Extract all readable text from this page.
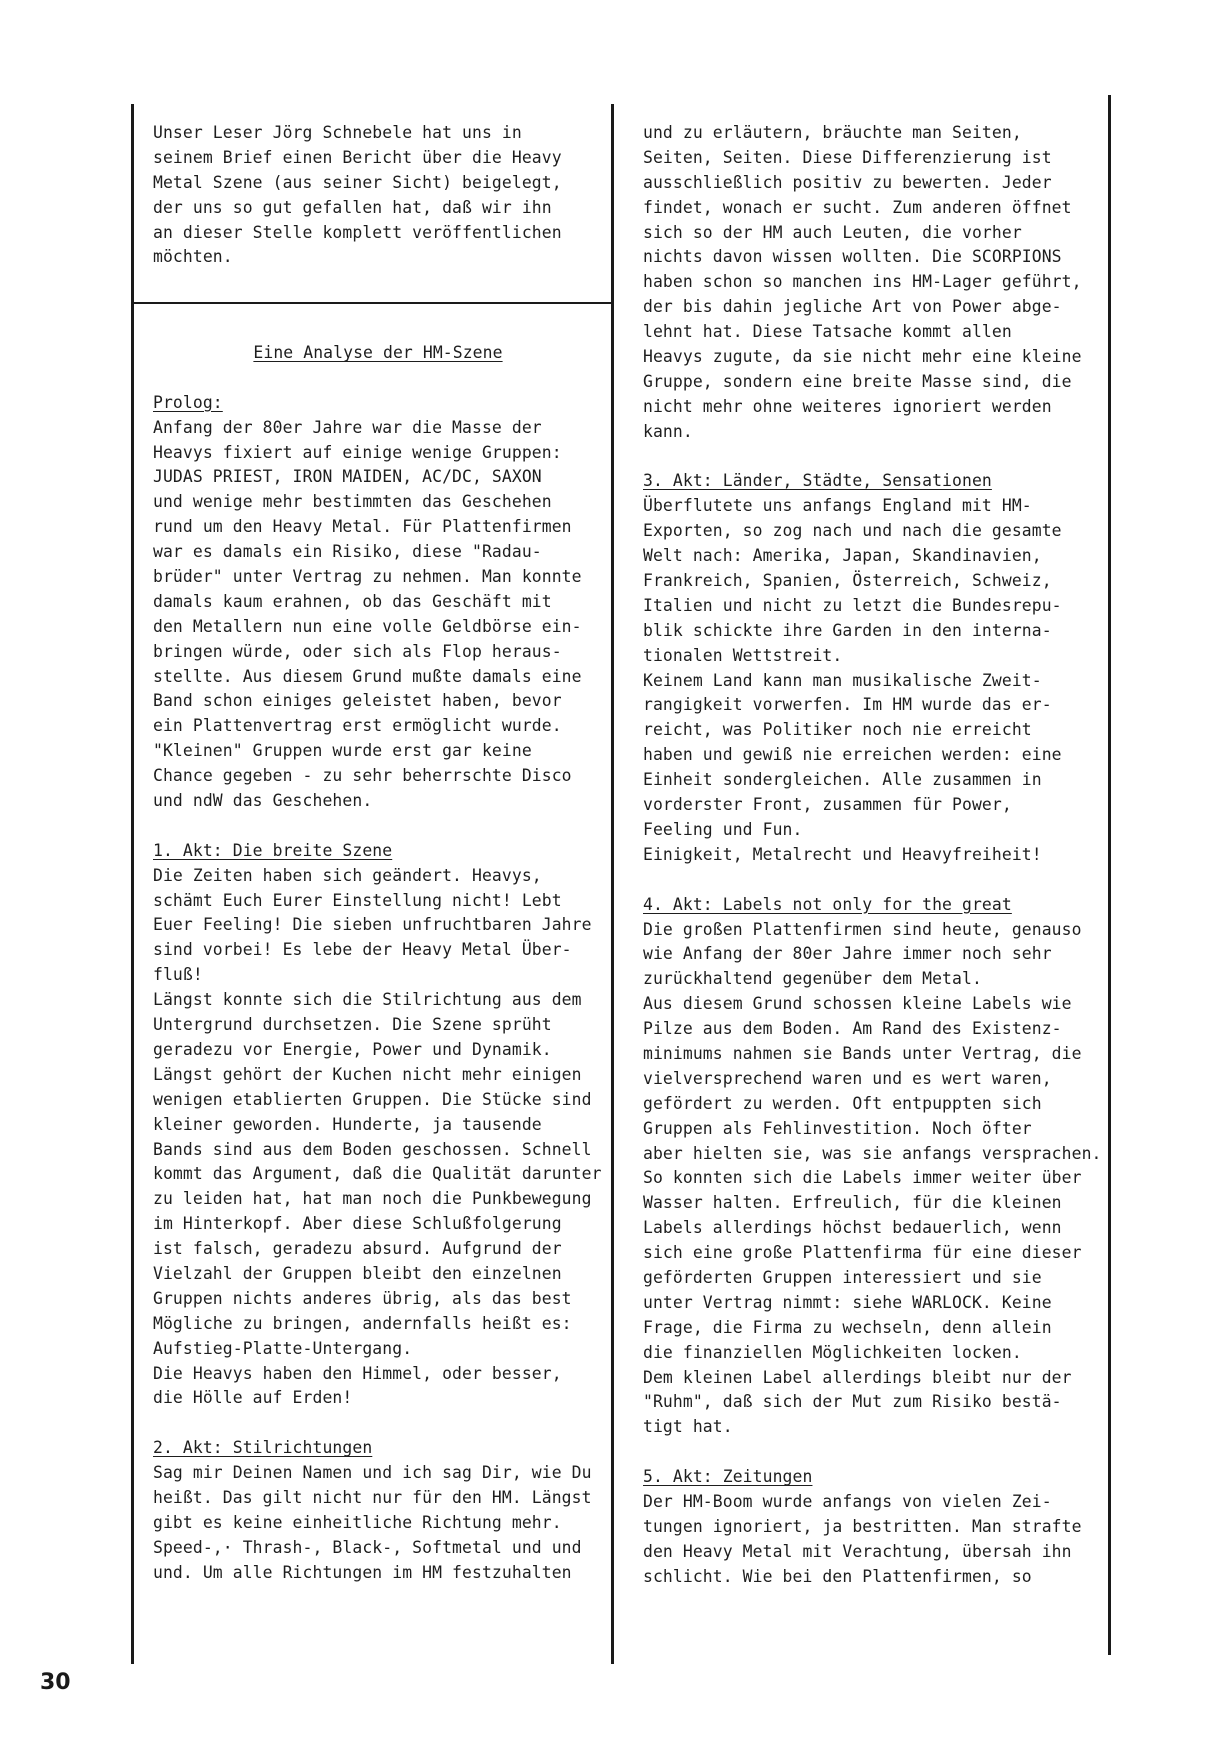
Unser Leser Jörg Schnebele hat uns in
seinem Brief einen Bericht über die Heavy
Metal Szene (aus seiner Sicht) beigelegt,
der uns so gut gefallen hat, daß wir ihn
an dieser Stelle komplett veröffentlichen
möchten.
Eine Analyse der HM-Szene
Prolog:
Anfang der 80er Jahre war die Masse der
Heavys fixiert auf einige wenige Gruppen:
JUDAS PRIEST, IRON MAIDEN, AC/DC, SAXON
und wenige mehr bestimmten das Geschehen
rund um den Heavy Metal. Für Plattenfirmen
war es damals ein Risiko, diese "Radau-
brüder" unter Vertrag zu nehmen. Man konnte
damals kaum erahnen, ob das Geschäft mit
den Metallern nun eine volle Geldbörse ein-
bringen würde, oder sich als Flop heraus-
stellte. Aus diesem Grund mußte damals eine
Band schon einiges geleistet haben, bevor
ein Plattenvertrag erst ermöglicht wurde.
"Kleinen" Gruppen wurde erst gar keine
Chance gegeben - zu sehr beherrschte Disco
und ndW das Geschehen.
1. Akt: Die breite Szene
Die Zeiten haben sich geändert. Heavys,
schämt Euch Eurer Einstellung nicht! Lebt
Euer Feeling! Die sieben unfruchtbaren Jahre
sind vorbei! Es lebe der Heavy Metal Über-
fluß!
Längst konnte sich die Stilrichtung aus dem
Untergrund durchsetzen. Die Szene sprüht
geradezu vor Energie, Power und Dynamik.
Längst gehört der Kuchen nicht mehr einigen
wenigen etablierten Gruppen. Die Stücke sind
kleiner geworden. Hunderte, ja tausende
Bands sind aus dem Boden geschossen. Schnell
kommt das Argument, daß die Qualität darunter
zu leiden hat, hat man noch die Punkbewegung
im Hinterkopf. Aber diese Schlußfolgerung
ist falsch, geradezu absurd. Aufgrund der
Vielzahl der Gruppen bleibt den einzelnen
Gruppen nichts anderes übrig, als das best
Mögliche zu bringen, andernfalls heißt es:
Aufstieg-Platte-Untergang.
Die Heavys haben den Himmel, oder besser,
die Hölle auf Erden!
2. Akt: Stilrichtungen
Sag mir Deinen Namen und ich sag Dir, wie Du
heißt. Das gilt nicht nur für den HM. Längst
gibt es keine einheitliche Richtung mehr.
Speed-,· Thrash-, Black-, Softmetal und und
und. Um alle Richtungen im HM festzuhalten
und zu erläutern, bräuchte man Seiten,
Seiten, Seiten. Diese Differenzierung ist
ausschließlich positiv zu bewerten. Jeder
findet, wonach er sucht. Zum anderen öffnet
sich so der HM auch Leuten, die vorher
nichts davon wissen wollten. Die SCORPIONS
haben schon so manchen ins HM-Lager geführt,
der bis dahin jegliche Art von Power abge-
lehnt hat. Diese Tatsache kommt allen
Heavys zugute, da sie nicht mehr eine kleine
Gruppe, sondern eine breite Masse sind, die
nicht mehr ohne weiteres ignoriert werden
kann.
3. Akt: Länder, Städte, Sensationen
Überflutete uns anfangs England mit HM-
Exporten, so zog nach und nach die gesamte
Welt nach: Amerika, Japan, Skandinavien,
Frankreich, Spanien, Österreich, Schweiz,
Italien und nicht zu letzt die Bundesrepu-
blik schickte ihre Garden in den interna-
tionalen Wettstreit.
Keinem Land kann man musikalische Zweit-
rangigkeit vorwerfen. Im HM wurde das er-
reicht, was Politiker noch nie erreicht
haben und gewiß nie erreichen werden: eine
Einheit sondergleichen. Alle zusammen in
vorderster Front, zusammen für Power,
Feeling und Fun.
Einigkeit, Metalrecht und Heavyfreiheit!
4. Akt: Labels not only for the great
Die großen Plattenfirmen sind heute, genauso
wie Anfang der 80er Jahre immer noch sehr
zurückhaltend gegenüber dem Metal.
Aus diesem Grund schossen kleine Labels wie
Pilze aus dem Boden. Am Rand des Existenz-
minimums nahmen sie Bands unter Vertrag, die
vielversprechend waren und es wert waren,
gefördert zu werden. Oft entpuppten sich
Gruppen als Fehlinvestition. Noch öfter
aber hielten sie, was sie anfangs versprachen.
So konnten sich die Labels immer weiter über
Wasser halten. Erfreulich, für die kleinen
Labels allerdings höchst bedauerlich, wenn
sich eine große Plattenfirma für eine dieser
geförderten Gruppen interessiert und sie
unter Vertrag nimmt: siehe WARLOCK. Keine
Frage, die Firma zu wechseln, denn allein
die finanziellen Möglichkeiten locken.
Dem kleinen Label allerdings bleibt nur der
"Ruhm", daß sich der Mut zum Risiko bestä-
tigt hat.
5. Akt: Zeitungen
Der HM-Boom wurde anfangs von vielen Zei-
tungen ignoriert, ja bestritten. Man strafte
den Heavy Metal mit Verachtung, übersah ihn
schlicht. Wie bei den Plattenfirmen, so
30
